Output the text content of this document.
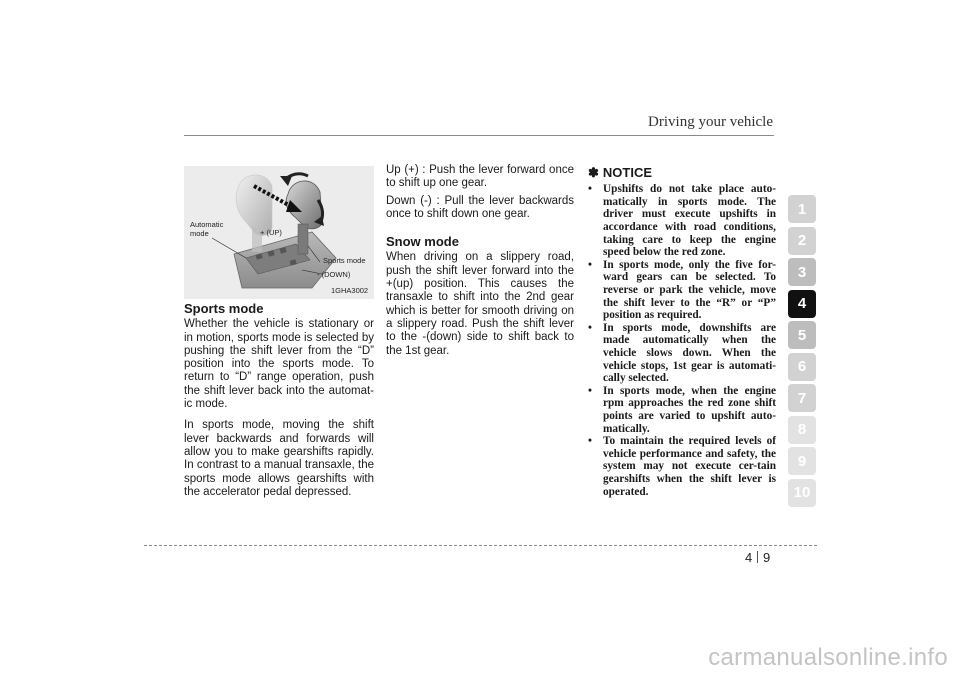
Driving your vehicle
Automatic
mode	+ (UP)
Sports mode
- (DOWN)
1GHA3002
Sports mode

Whether the vehicle is stationary or in motion, sports mode is selected by pushing the shift lever from the “D” position into the sports mode. To return to “D” range operation, push the shift lever back into the automat-ic mode.

In sports mode, moving the shift lever backwards and forwards will allow you to make gearshifts rapidly. In contrast to a manual transaxle, the sports mode allows gearshifts with the accelerator pedal depressed.

Up (+) : Push the lever forward once to shift up one gear.

Down (-) : Pull the lever backwards once to shift down one gear.

Snow mode

When driving on a slippery road, push the shift lever forward into the +(up) position. This causes the transaxle to shift into the 2nd gear which is better for smooth driving on a slippery road. Push the shift lever to the -(down) side to shift back to the 1st gear.

✽ NOTICE
• Upshifts do not take place auto-matically in sports mode. The driver must execute upshifts in accordance with road conditions, taking care to keep the engine speed below the red zone.
• In sports mode, only the five for-ward gears can be selected. To reverse or park the vehicle, move the shift lever to the “R” or “P” position as required.
• In sports mode, downshifts are made automatically when the vehicle slows down. When the vehicle stops, 1st gear is automati-cally selected.
• In sports mode, when the engine rpm approaches the red zone shift points are varied to upshift auto-matically.
• To maintain the required levels of vehicle performance and safety, the system may not execute cer-tain gearshifts when the shift lever is operated.
1
2
3
4
5
6
7
8
9
10
4 9
carmanualsonline.info
